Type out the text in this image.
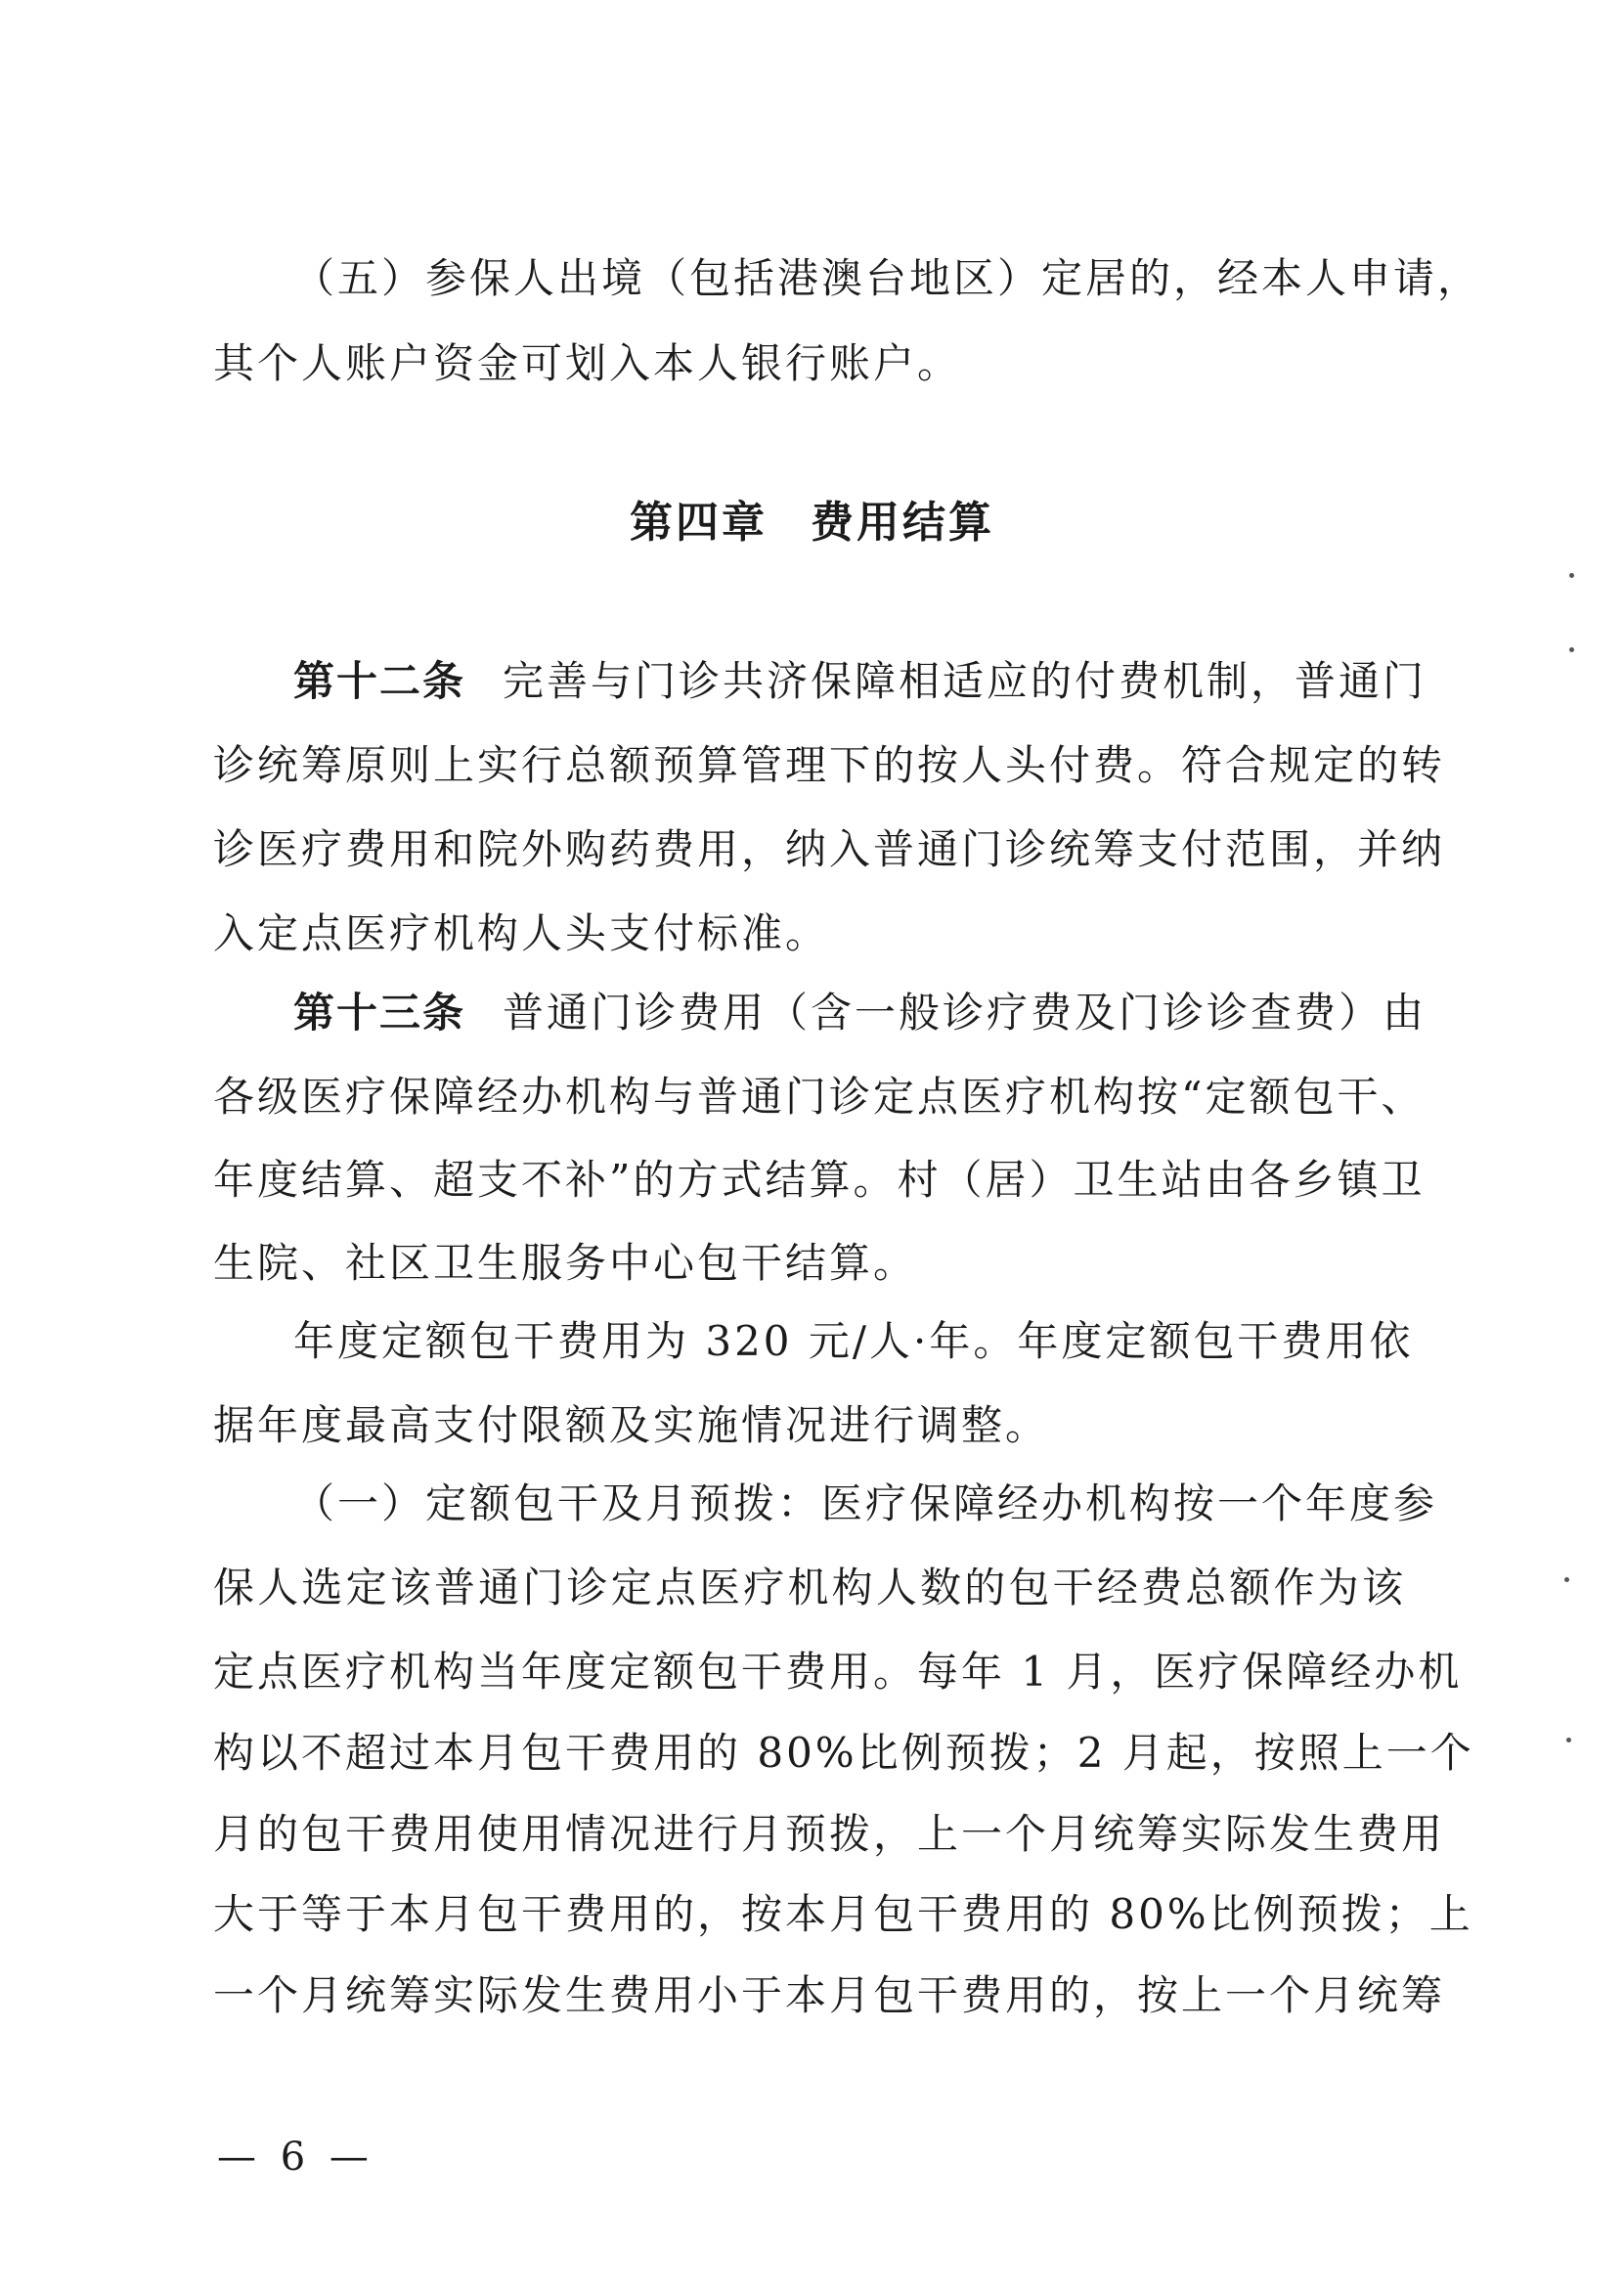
（五）参保人出境（包括港澳台地区）定居的，经本人申请，
其个人账户资金可划入本人银行账户。
第四章 费用结算
第十二条 完善与门诊共济保障相适应的付费机制，普通门
诊统筹原则上实行总额预算管理下的按人头付费。符合规定的转
诊医疗费用和院外购药费用，纳入普通门诊统筹支付范围，并纳
入定点医疗机构人头支付标准。
第十三条 普通门诊费用（含一般诊疗费及门诊诊查费）由
各级医疗保障经办机构与普通门诊定点医疗机构按“定额包干、
年度结算、超支不补”的方式结算。村（居）卫生站由各乡镇卫
生院、社区卫生服务中心包干结算。
年度定额包干费用为 320 元/人·年。年度定额包干费用依
据年度最高支付限额及实施情况进行调整。
（一）定额包干及月预拨：医疗保障经办机构按一个年度参
保人选定该普通门诊定点医疗机构人数的包干经费总额作为该
定点医疗机构当年度定额包干费用。每年 1 月，医疗保障经办机
构以不超过本月包干费用的 80%比例预拨；2 月起，按照上一个
月的包干费用使用情况进行月预拨，上一个月统筹实际发生费用
大于等于本月包干费用的，按本月包干费用的 80%比例预拨；上
一个月统筹实际发生费用小于本月包干费用的，按上一个月统筹
— 6 —
